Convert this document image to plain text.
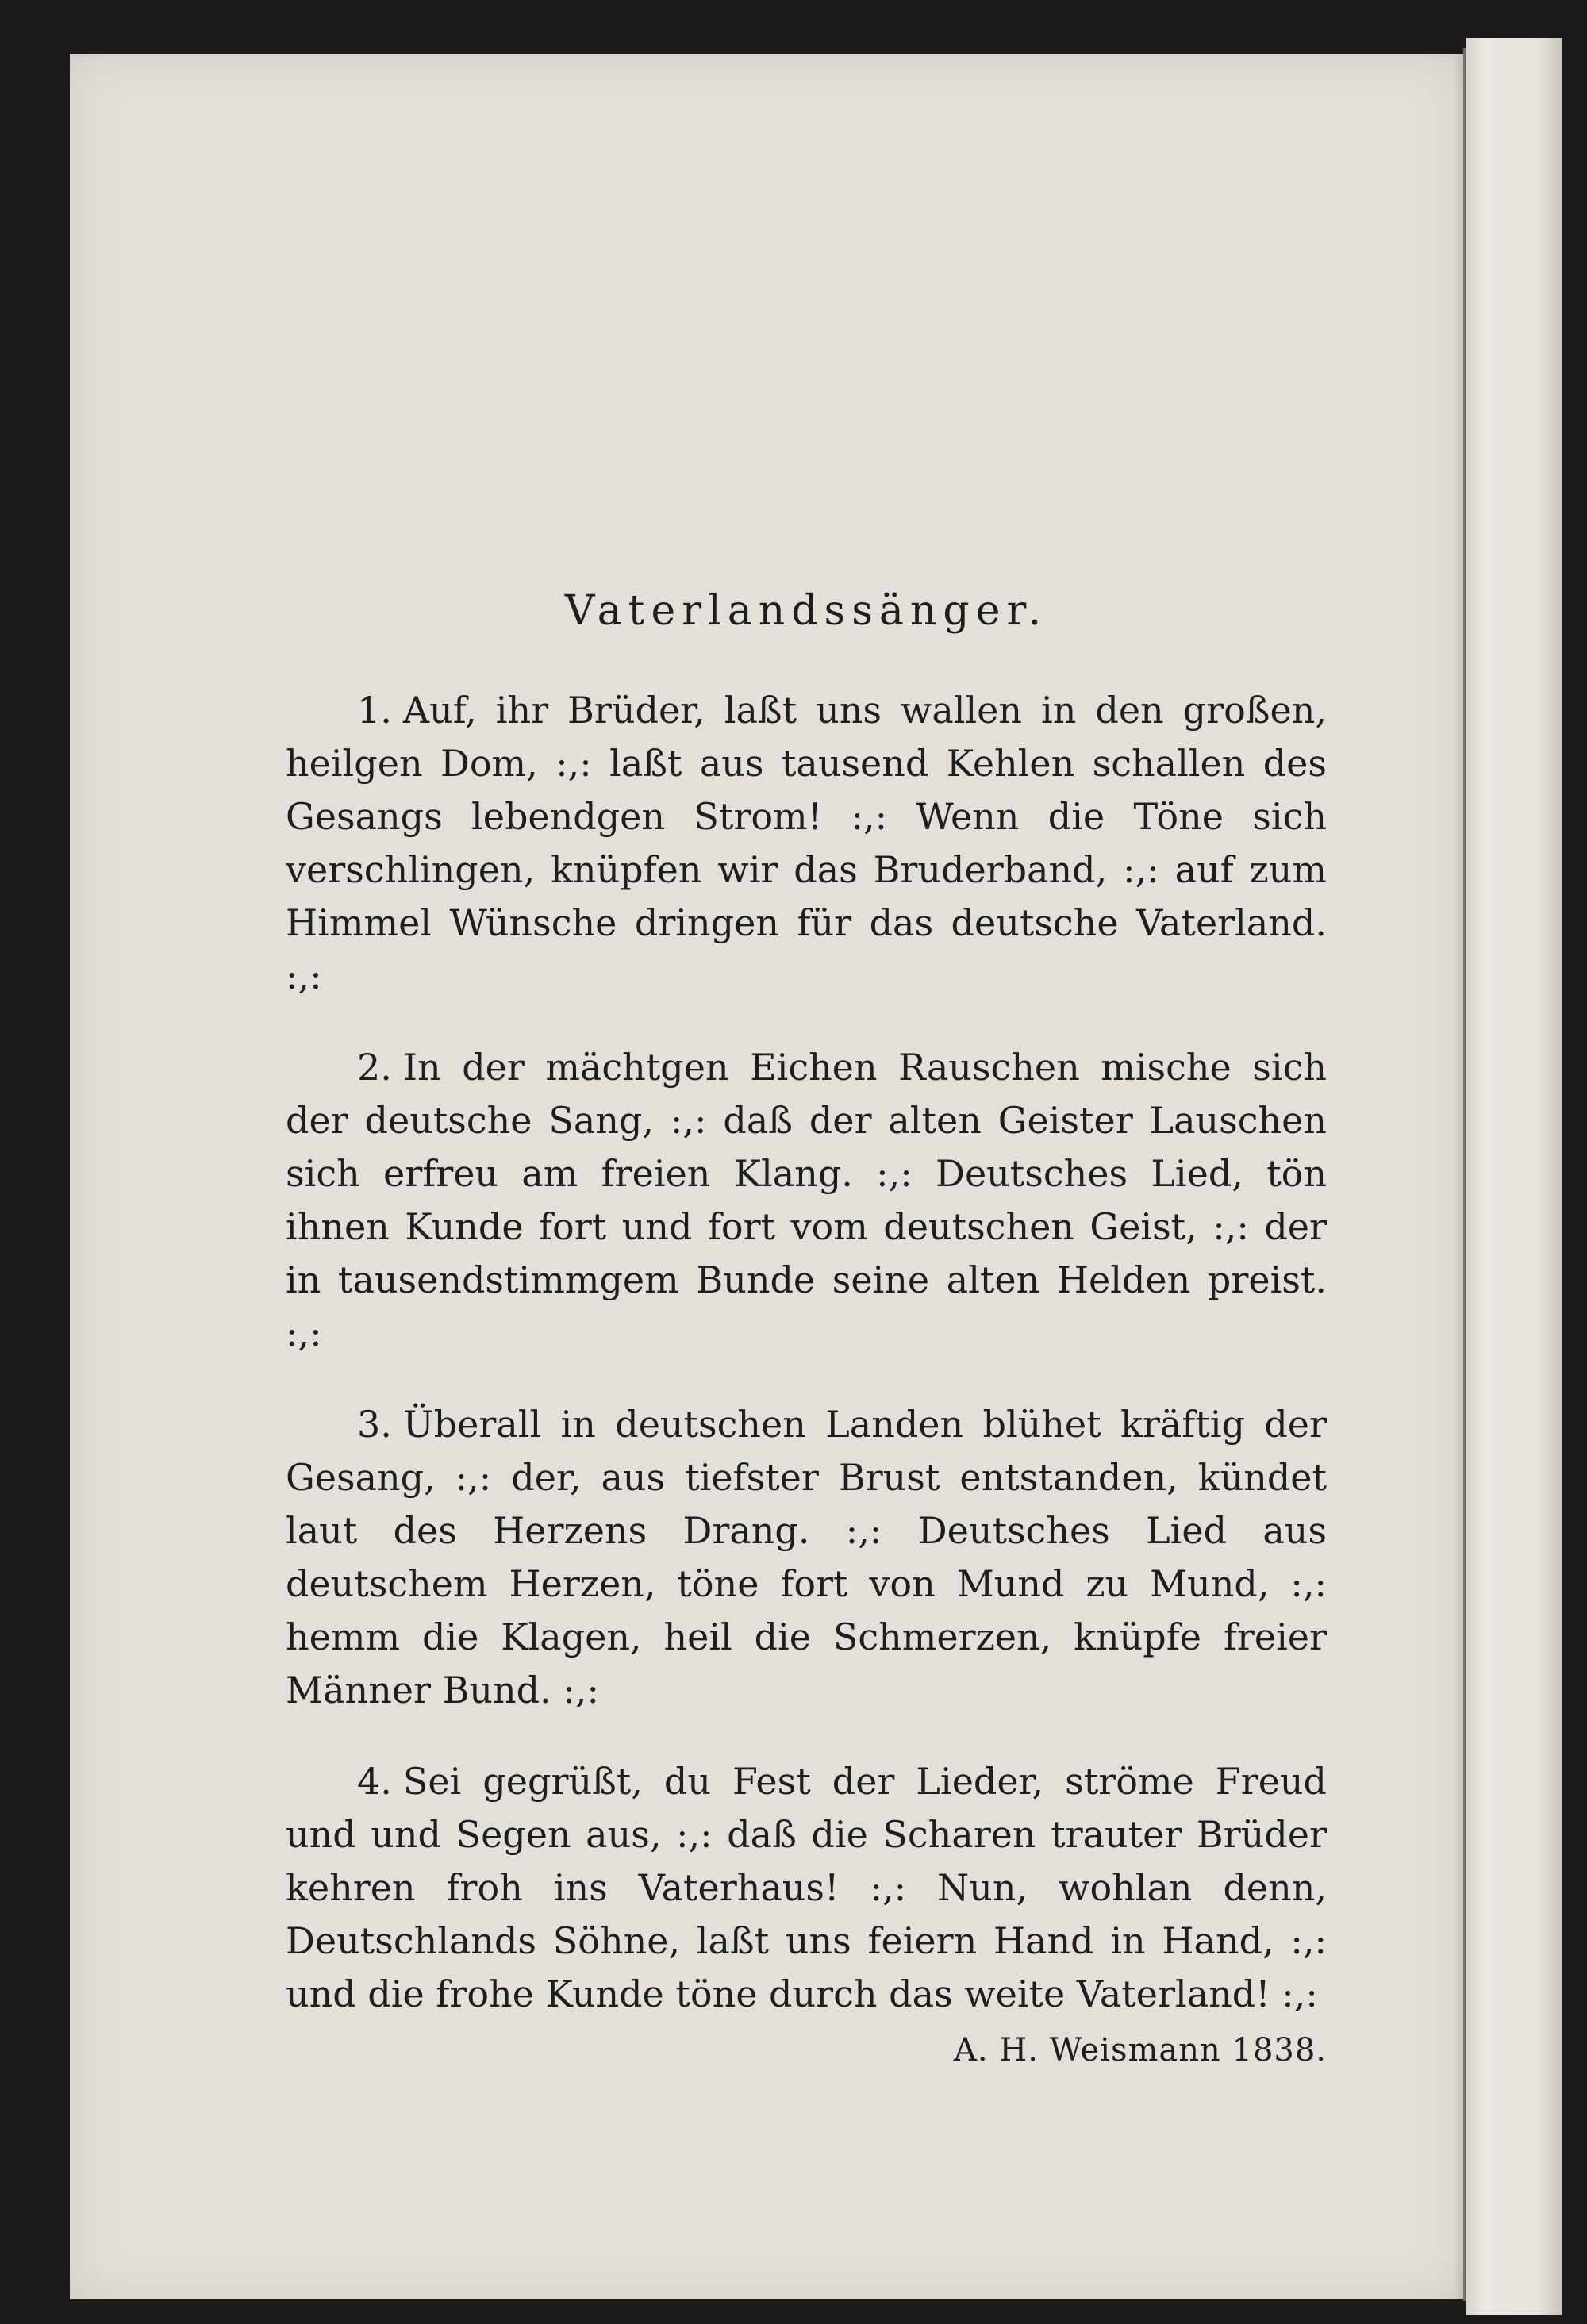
Vaterlandssänger.

1. Auf, ihr Brüder, laßt uns wallen in den großen, heilgen Dom, :,: laßt aus tausend Kehlen schallen des Gesangs lebendgen Strom! :,: Wenn die Töne sich verschlingen, knüpfen wir das Bruderband, :,: auf zum Himmel Wünsche dringen für das deutsche Vaterland. :,:

2. In der mächtgen Eichen Rauschen mische sich der deutsche Sang, :,: daß der alten Geister Lauschen sich erfreu am freien Klang. :,: Deutsches Lied, tön ihnen Kunde fort und fort vom deutschen Geist, :,: der in tausendstimmgem Bunde seine alten Helden preist. :,:

3. Überall in deutschen Landen blühet kräftig der Gesang, :,: der, aus tiefster Brust entstanden, kündet laut des Herzens Drang. :,: Deutsches Lied aus deutschem Herzen, töne fort von Mund zu Mund, :,: hemm die Klagen, heil die Schmerzen, knüpfe freier Männer Bund. :,:

4. Sei gegrüßt, du Fest der Lieder, ströme Freud und und Segen aus, :,: daß die Scharen trauter Brüder kehren froh ins Vaterhaus! :,: Nun, wohlan denn, Deutschlands Söhne, laßt uns feiern Hand in Hand, :,: und die frohe Kunde töne durch das weite Vaterland! :,:

A. H. Weismann 1838.
